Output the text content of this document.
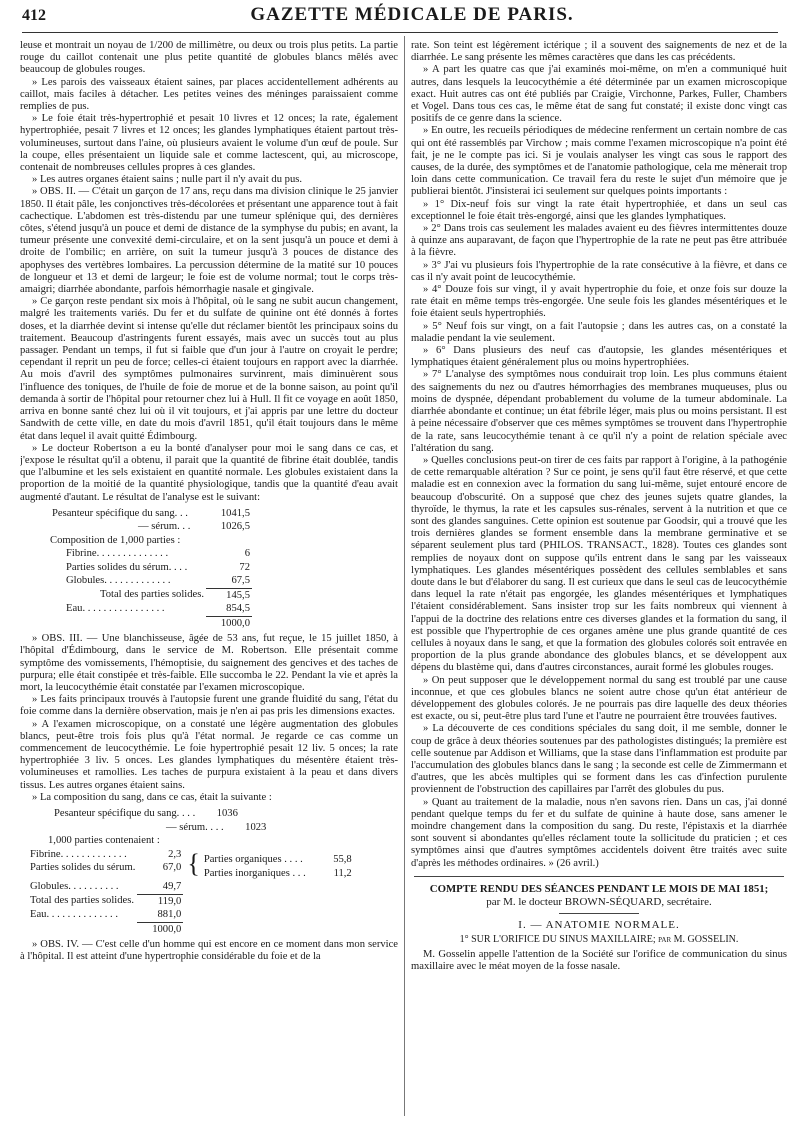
412	GAZETTE MÉDICALE DE PARIS.

leuse et montrait un noyau de 1/200 de millimètre, ou deux ou trois plus petits. La partie rouge du caillot contenait une plus petite quantité de globules blancs mêlés avec beaucoup de globules rouges.

» Les parois des vaisseaux étaient saines, par places accidentellement adhérents au caillot, mais faciles à détacher. Les petites veines des méninges paraissaient comme remplies de pus.

» Le foie était très-hypertrophié et pesait 10 livres et 12 onces; la rate, également hypertrophiée, pesait 7 livres et 12 onces; les glandes lymphatiques étaient partout très-volumineuses, surtout dans l'aine, où plusieurs avaient le volume d'un œuf de poule. Sur la coupe, elles présentaient un liquide sale et comme lactescent, qui, au microscope, contenait de nombreuses cellules propres à ces glandes.

» Les autres organes étaient sains ; nulle part il n'y avait du pus.

» OBS. II. — C'était un garçon de 17 ans, reçu dans ma division clinique le 25 janvier 1850. Il était pâle, les conjonctives très-décolorées et présentant une apparence tout à fait cachectique. L'abdomen est très-distendu par une tumeur splénique qui, des dernières côtes, s'étend jusqu'à un pouce et demi de distance de la symphyse du pubis; en avant, la tumeur présente une convexité demi-circulaire, et on la sent jusqu'à un pouce et demi à droite de l'ombilic; en arrière, on suit la tumeur jusqu'à 3 pouces de distance des apophyses des vertèbres lombaires. La percussion détermine de la matité sur 10 pouces de longueur et 13 et demi de largeur; le foie est de volume normal; tout le corps très-amaigri; diarrhée abondante, parfois hémorrhagie nasale et gingivale.

» Ce garçon reste pendant six mois à l'hôpital, où le sang ne subit aucun changement, malgré les traitements variés. Du fer et du sulfate de quinine ont été donnés à fortes doses, et la diarrhée devint si intense qu'elle dut réclamer bientôt les principaux soins du traitement. Beaucoup d'astringents furent essayés, mais avec un succès tout au plus passager. Pendant un temps, il fut si faible que d'un jour à l'autre on croyait le perdre; cependant il reprit un peu de force; celles-ci étaient toujours en rapport avec la diarrhée. Au mois d'avril des symptômes pulmonaires survinrent, mais diminuèrent sous l'influence des toniques, de l'huile de foie de morue et de la bonne saison, au point qu'il demanda à sortir de l'hôpital pour retourner chez lui à Hull. Il fit ce voyage en août 1850, arriva en bonne santé chez lui où il vit toujours, et j'ai appris par une lettre du docteur Sandwith de cette ville, en date du mois d'avril 1851, qu'il était toujours dans le même état dans lequel il avait quitté Édimbourg.

» Le docteur Robertson a eu la bonté d'analyser pour moi le sang dans ce cas, et j'expose le résultat qu'il a obtenu, il parait que la quantité de fibrine était doublée, tandis que l'albumine et les sels existaient en quantité normale. Les globules existaient dans la proportion de la moitié de la quantité physiologique, tandis que la quantité d'eau avait augmenté d'autant. Le résultat de l'analyse est le suivant:

Pesanteur spécifique du sang. . .	1041,5
— sérum. . .	1026,5
Composition de 1,000 parties :	
Fibrine. . . . . . . . . . . . . .	6
Parties solides du sérum. . . .	72
Globules. . . . . . . . . . . . .	67,5
Total des parties solides.	145,5
Eau. . . . . . . . . . . . . . . .	854,5
	1000,0

» OBS. III. — Une blanchisseuse, âgée de 53 ans, fut reçue, le 15 juillet 1850, à l'hôpital d'Édimbourg, dans le service de M. Robertson. Elle présentait comme symptôme des vomissements, l'hémoptisie, du saignement des gencives et des taches de purpura; elle était constipée et très-faible. Elle succomba le 22. Pendant la vie et après la mort, la leucocythémie était constatée par l'examen microscopique.

» Les faits principaux trouvés à l'autopsie furent une grande fluidité du sang, l'état du foie comme dans la dernière observation, mais je n'en ai pas pris les dimensions exactes.

» A l'examen microscopique, on a constaté une légère augmentation des globules blancs, peut-être trois fois plus qu'à l'état normal. Je regarde ce cas comme un commencement de leucocythémie. Le foie hypertrophié pesait 12 liv. 5 onces; la rate hypertrophiée 3 liv. 5 onces. Les glandes lymphatiques du mésentère étaient très-volumineuses et ramollies. Les taches de purpura existaient à la peau et dans divers tissus. Les autres organes étaient sains.

» La composition du sang, dans ce cas, était la suivante :

Pesanteur spécifique du sang. . . . 1036
— sérum. . . . 1023
1,000 parties contenaient :
Fibrine. . . . . . . . . . . . .	2,3	
Parties solides du sérum.	67,0	{	Parties organiques . . . .	55,8
Parties inorganiques . . .	11,2

Globules. . . . . . . . . .	49,7	
Total des parties solides.	119,0	
Eau. . . . . . . . . . . . . .	881,0	
	1000,0	

» OBS. IV. — C'est celle d'un homme qui est encore en ce moment dans mon service à l'hôpital. Il est atteint d'une hypertrophie considérable du foie et de la

rate. Son teint est légèrement ictérique ; il a souvent des saignements de nez et de la diarrhée. Le sang présente les mêmes caractères que dans les cas précédents.

» A part les quatre cas que j'ai examinés moi-même, on m'en a communiqué huit autres, dans lesquels la leucocythémie a été déterminée par un examen microscopique exact. Huit autres cas ont été publiés par Craigie, Virchonne, Parkes, Fuller, Chambers et Vogel. Dans tous ces cas, le même état de sang fut constaté; il existe donc vingt cas positifs de ce genre dans la science.

» En outre, les recueils périodiques de médecine renferment un certain nombre de cas qui ont été rassemblés par Virchow ; mais comme l'examen microscopique n'a point été fait, je ne le compte pas ici. Si je voulais analyser les vingt cas sous le rapport des causes, de la durée, des symptômes et de l'anatomie pathologique, cela me mènerait trop loin dans cette communication. Ce travail fera du reste le sujet d'un mémoire que je publierai bientôt. J'insisterai ici seulement sur quelques points importants :

» 1° Dix-neuf fois sur vingt la rate était hypertrophiée, et dans un seul cas exceptionnel le foie était très-engorgé, ainsi que les glandes lymphatiques.

» 2° Dans trois cas seulement les malades avaient eu des fièvres intermittentes douze à quinze ans auparavant, de façon que l'hypertrophie de la rate ne peut pas être attribuée à la fièvre.

» 3° J'ai vu plusieurs fois l'hypertrophie de la rate consécutive à la fièvre, et dans ce cas il n'y avait point de leucocythémie.

» 4° Douze fois sur vingt, il y avait hypertrophie du foie, et onze fois sur douze la rate était en même temps très-engorgée. Une seule fois les glandes mésentériques et le foie étaient seuls hypertrophiés.

» 5° Neuf fois sur vingt, on a fait l'autopsie ; dans les autres cas, on a constaté la maladie pendant la vie seulement.

» 6° Dans plusieurs des neuf cas d'autopsie, les glandes mésentériques et lymphatiques étaient généralement plus ou moins hypertrophiées.

» 7° L'analyse des symptômes nous conduirait trop loin. Les plus communs étaient des saignements du nez ou d'autres hémorrhagies des membranes muqueuses, plus ou moins de dyspnée, dépendant probablement du volume de la tumeur abdominale. La diarrhée abondante et continue; un état fébrile léger, mais plus ou moins persistant. Il est à peine nécessaire d'observer que ces mêmes symptômes se trouvent dans l'hypertrophie de la rate, sans leucocythémie tenant à ce qu'il n'y a point de relation spéciale avec l'altération du sang.

» Quelles conclusions peut-on tirer de ces faits par rapport à l'origine, à la pathogénie de cette remarquable altération ? Sur ce point, je sens qu'il faut être réservé, et que cette maladie est en connexion avec la formation du sang lui-même, sujet entouré encore de beaucoup d'obscurité. On a supposé que chez des jeunes sujets quatre glandes, la thyroïde, le thymus, la rate et les capsules sus-rénales, servent à la nutrition et que ce sont des glandes sanguines. Cette opinion est soutenue par Goodsir, qui a trouvé que les trois dernières glandes se forment ensemble dans la membrane germinative et se séparent seulement plus tard (PHILOS. TRANSACT., 1828). Toutes ces glandes sont remplies de noyaux dont on suppose qu'ils entrent dans le sang par les vaisseaux lymphatiques. Les glandes mésentériques possèdent des cellules semblables et sans doute dans le but d'élaborer du sang. Il est curieux que dans le seul cas de leucocythémie dans lequel la rate n'était pas engorgée, les glandes mésentériques et lymphatiques l'étaient considérablement. Sans insister trop sur les faits nombreux qui viennent à l'appui de la doctrine des relations entre ces diverses glandes et la formation du sang, il est possible que l'hypertrophie de ces organes amène une plus grande quantité de ces cellules à noyaux dans le sang, et que la formation des globules colorés soit entravée en proportion de la plus grande abondance des globules blancs, et se développent aux dépens du blastème qui, dans d'autres circonstances, aurait formé les globules rouges.

» On peut supposer que le développement normal du sang est troublé par une cause inconnue, et que ces globules blancs ne soient autre chose qu'un état antérieur de développement des globules colorés. Je ne pourrais pas dire laquelle des deux théories est exacte, ou si, peut-être plus tard l'une et l'autre ne pourraient être trouvées fautives.

» La découverte de ces conditions spéciales du sang doit, il me semble, donner le coup de grâce à deux théories soutenues par des pathologistes distingués; la première est celle soutenue par Addison et Williams, que la stase dans l'inflammation est produite par l'accumulation des globules blancs dans le sang ; la seconde est celle de Zimmermann et d'autres, que les abcès multiples qui se forment dans les cas d'infection purulente proviennent de l'obstruction des capillaires par l'arrêt des globules du pus.

» Quant au traitement de la maladie, nous n'en savons rien. Dans un cas, j'ai donné pendant quelque temps du fer et du sulfate de quinine à haute dose, sans amener le moindre changement dans la composition du sang. Du reste, l'épistaxis et la diarrhée sont souvent si abondantes qu'elles réclament toute la sollicitude du praticien ; et ces symptômes ainsi que d'autres symptômes accidentels doivent être traités avec suite d'après les méthodes ordinaires. » (26 avril.)

COMPTE RENDU DES SÉANCES PENDANT LE MOIS DE MAI 1851;
par M. le docteur BROWN-SÉQUARD, secrétaire.
I. — ANATOMIE NORMALE.
1° SUR L'ORIFICE DU SINUS MAXILLAIRE; par M. GOSSELIN.

M. Gosselin appelle l'attention de la Société sur l'orifice de communication du sinus maxillaire avec le méat moyen de la fosse nasale.
